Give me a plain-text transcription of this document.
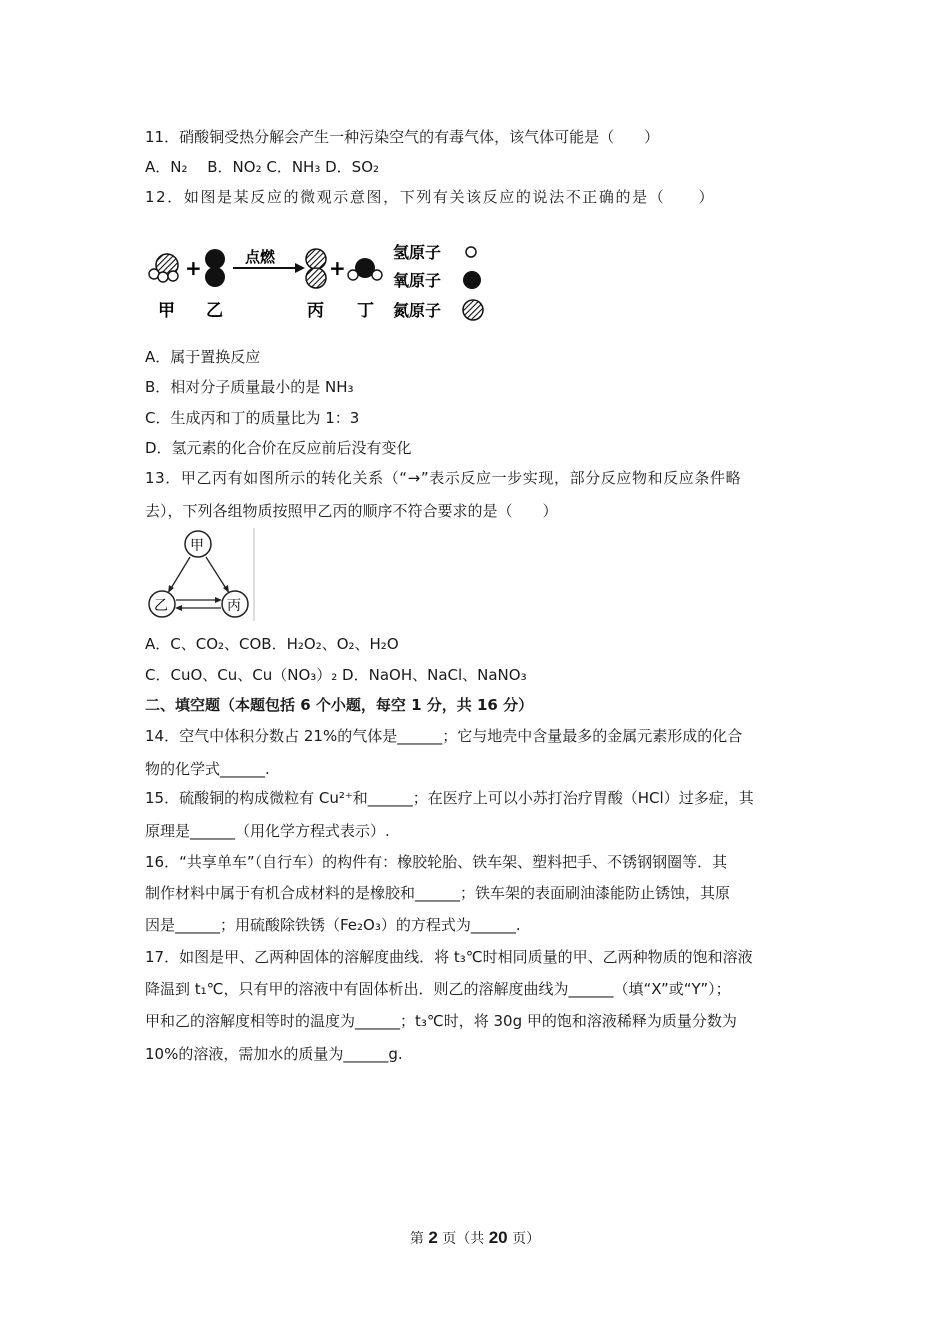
11．硝酸铜受热分解会产生一种污染空气的有毒气体，该气体可能是（　　）
A．N₂　 B．NO₂ C．NH₃ D．SO₂
12．如图是某反应的微观示意图，下列有关该反应的说法不正确的是（　　）
+	点燃	+
甲 乙	丙 丁
氢原子
氧原子
氮原子
A．属于置换反应
B．相对分子质量最小的是 NH₃
C．生成丙和丁的质量比为 1：3
D．氢元素的化合价在反应前后没有变化
13．甲乙丙有如图所示的转化关系（“→”表示反应一步实现，部分反应物和反应条件略
去），下列各组物质按照甲乙丙的顺序不符合要求的是（　　）
甲
乙	丙
A．C、CO₂、COB．H₂O₂、O₂、H₂O
C．CuO、Cu、Cu（NO₃）₂ D．NaOH、NaCl、NaNO₃
二、填空题（本题包括 6 个小题，每空 1 分，共 16 分）
14．空气中体积分数占 21%的气体是______；它与地壳中含量最多的金属元素形成的化合
物的化学式______.
15．硫酸铜的构成微粒有 Cu²⁺和______；在医疗上可以小苏打治疗胃酸（HCl）过多症，其
原理是______（用化学方程式表示）.
16．“共享单车”（自行车）的构件有：橡胶轮胎、铁车架、塑料把手、不锈钢钢圈等．其
制作材料中属于有机合成材料的是橡胶和______；铁车架的表面刷油漆能防止锈蚀，其原
因是______；用硫酸除铁锈（Fe₂O₃）的方程式为______.
17．如图是甲、乙两种固体的溶解度曲线．将 t₃℃时相同质量的甲、乙两种物质的饱和溶液
降温到 t₁℃，只有甲的溶液中有固体析出．则乙的溶解度曲线为______（填“X”或“Y”）；
甲和乙的溶解度相等时的温度为______；t₃℃时，将 30g 甲的饱和溶液稀释为质量分数为
10%的溶液，需加水的质量为______g.
第 2 页（共 20 页）
